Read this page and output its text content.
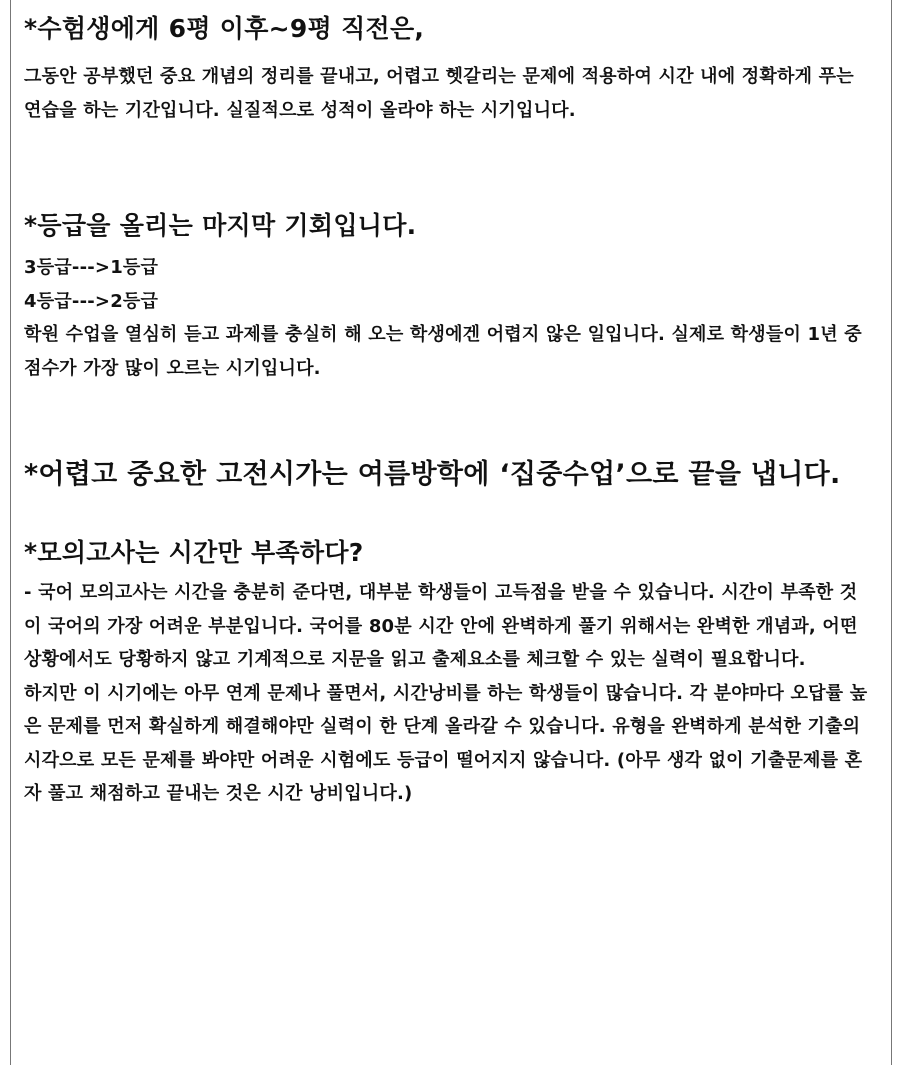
*수험생에게 6평 이후~9평 직전은,

그동안 공부했던 중요 개념의 정리를 끝내고, 어렵고 헷갈리는 문제에 적용하여 시간 내에 정확하게 푸는 연습을 하는 기간입니다. 실질적으로 성적이 올라야 하는 시기입니다.

*등급을 올리는 마지막 기회입니다.

3등급--->1등급

4등급--->2등급

학원 수업을 열심히 듣고 과제를 충실히 해 오는 학생에겐 어렵지 않은 일입니다. 실제로 학생들이 1년 중 점수가 가장 많이 오르는 시기입니다.

*어렵고 중요한 고전시가는 여름방학에 ‘집중수업’으로 끝을 냅니다.

*모의고사는 시간만 부족하다?

- 국어 모의고사는 시간을 충분히 준다면, 대부분 학생들이 고득점을 받을 수 있습니다. 시간이 부족한 것이 국어의 가장 어려운 부분입니다. 국어를 80분 시간 안에 완벽하게 풀기 위해서는 완벽한 개념과, 어떤 상황에서도 당황하지 않고 기계적으로 지문을 읽고 출제요소를 체크할 수 있는 실력이 필요합니다.

하지만 이 시기에는 아무 연계 문제나 풀면서, 시간낭비를 하는 학생들이 많습니다. 각 분야마다 오답률 높은 문제를 먼저 확실하게 해결해야만 실력이 한 단계 올라갈 수 있습니다. 유형을 완벽하게 분석한 기출의 시각으로 모든 문제를 봐야만 어려운 시험에도 등급이 떨어지지 않습니다. (아무 생각 없이 기출문제를 혼자 풀고 채점하고 끝내는 것은 시간 낭비입니다.)
